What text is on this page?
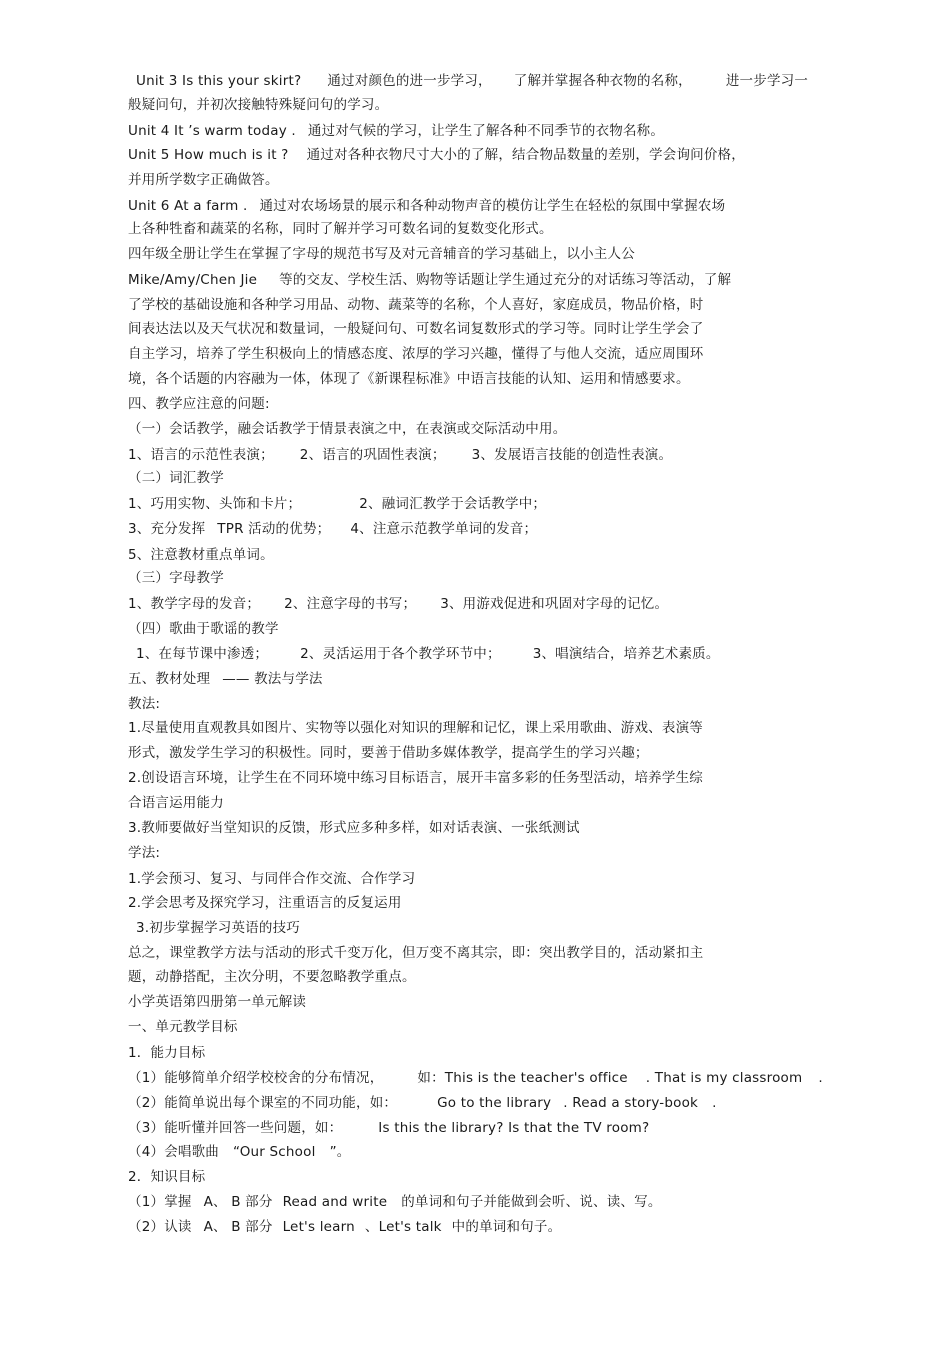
Unit 3 Is this your skirt? 通过对颜色的进一步学习， 了解并掌握各种衣物的名称，	进一步学习一
般疑问句，并初次接触特殊疑问句的学习。
Unit 4 It ’s warm today . 通过对气候的学习，让学生了解各种不同季节的衣物名称。
Unit 5 How much is it ? 通过对各种衣物尺寸大小的了解，结合物品数量的差别，学会询问价格，
并用所学数字正确做答。
Unit 6 At a farm . 通过对农场场景的展示和各种动物声音的模仿让学生在轻松的氛围中掌握农场
上各种牲畜和蔬菜的名称，同时了解并学习可数名词的复数变化形式。
四年级全册让学生在掌握了字母的规范书写及对元音辅音的学习基础上，以小主人公
Mike/Amy/Chen Jie 等的交友、学校生活、购物等话题让学生通过充分的对话练习等活动，了解
了学校的基础设施和各种学习用品、动物、蔬菜等的名称，个人喜好，家庭成员，物品价格，时
间表达法以及天气状况和数量词，一般疑问句、可数名词复数形式的学习等。同时让学生学会了
自主学习，培养了学生积极向上的情感态度、浓厚的学习兴趣，懂得了与他人交流，适应周围环
境，各个话题的内容融为一体，体现了《新课程标准》中语言技能的认知、运用和情感要求。
四、教学应注意的问题:
（一）会话教学，融会话教学于情景表演之中，在表演或交际活动中用。
1、语言的示范性表演； 2、语言的巩固性表演； 3、发展语言技能的创造性表演。
（二）词汇教学
1、巧用实物、头饰和卡片；	2、融词汇教学于会话教学中；
3、充分发挥 TPR 活动的优势； 4、注意示范教学单词的发音；
5、注意教材重点单词。
（三）字母教学
1、教学字母的发音； 2、注意字母的书写； 3、用游戏促进和巩固对字母的记忆。
（四）歌曲于歌谣的教学
1、在每节课中渗透； 2、灵活运用于各个教学环节中； 3、唱演结合，培养艺术素质。
五、教材处理 —— 教法与学法
教法:
1.尽量使用直观教具如图片、实物等以强化对知识的理解和记忆，课上采用歌曲、游戏、表演等
形式，激发学生学习的积极性。同时，要善于借助多媒体教学，提高学生的学习兴趣；
2.创设语言环境，让学生在不同环境中练习目标语言，展开丰富多彩的任务型活动，培养学生综
合语言运用能力
3.教师要做好当堂知识的反馈，形式应多种多样，如对话表演、一张纸测试
学法:
1.学会预习、复习、与同伴合作交流、合作学习
2.学会思考及探究学习，注重语言的反复运用
3.初步掌握学习英语的技巧
总之，课堂教学方法与活动的形式千变万化，但万变不离其宗，即：突出教学目的，活动紧扣主
题，动静搭配，主次分明，不要忽略教学重点。
小学英语第四册第一单元解读
一、单元教学目标
1．能力目标
（1）能够简单介绍学校校舍的分布情况，	如：This is the teacher's office . That is my classroom .
（2）能简单说出每个课室的不同功能，如：	Go to the library . Read a story-book .
（3）能听懂并回答一些问题，如：	Is this the library? Is that the TV room?
（4）会唱歌曲 “Our School ”。
2．知识目标
（1）掌握 A、 B 部分 Read and write 的单词和句子并能做到会听、说、读、写。
（2）认读 A、 B 部分 Let's learn 、Let's talk 中的单词和句子。
